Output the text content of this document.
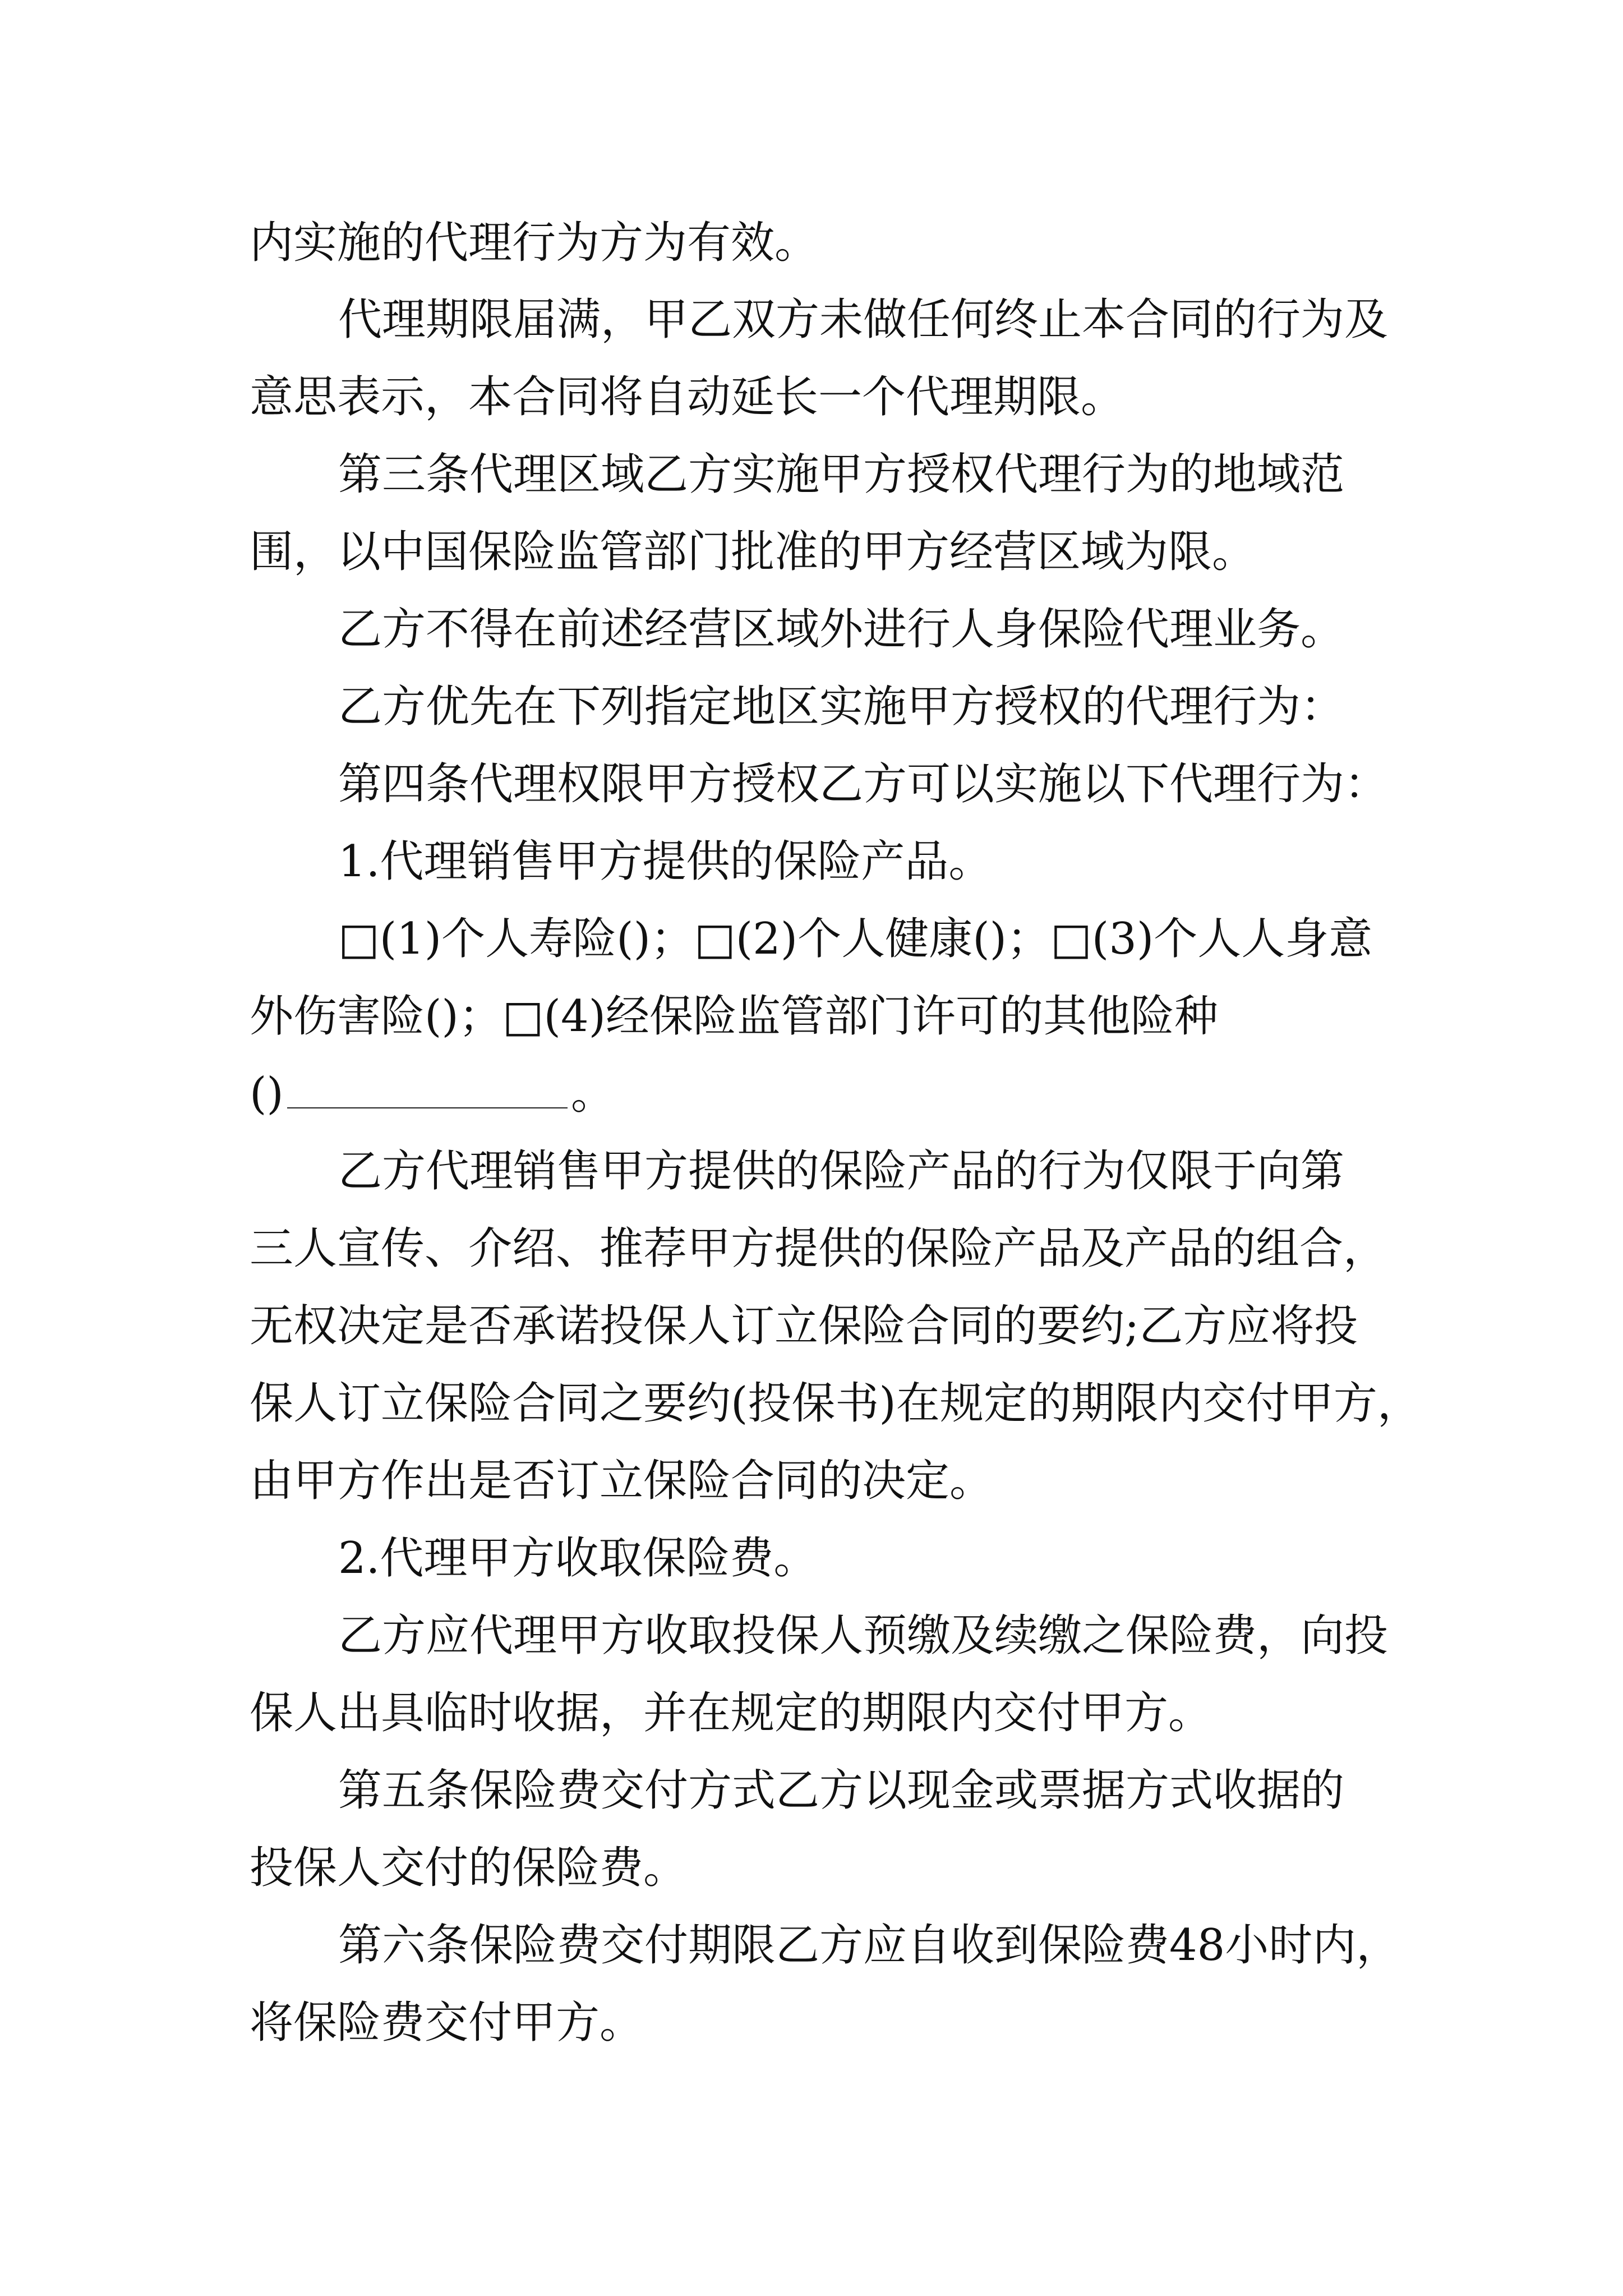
内实施的代理行为方为有效。
代理期限届满，甲乙双方未做任何终止本合同的行为及
意思表示，本合同将自动延长一个代理期限。
第三条代理区域乙方实施甲方授权代理行为的地域范
围，以中国保险监管部门批准的甲方经营区域为限。
乙方不得在前述经营区域外进行人身保险代理业务。
乙方优先在下列指定地区实施甲方授权的代理行为：
第四条代理权限甲方授权乙方可以实施以下代理行为：
1.代理销售甲方提供的保险产品。
□(1)个人寿险()；□(2)个人健康()；□(3)个人人身意
外伤害险()；□(4)经保险监管部门许可的其他险种
()	。
乙方代理销售甲方提供的保险产品的行为仅限于向第
三人宣传、介绍、推荐甲方提供的保险产品及产品的组合，
无权决定是否承诺投保人订立保险合同的要约;乙方应将投
保人订立保险合同之要约(投保书)在规定的期限内交付甲方，
由甲方作出是否订立保险合同的决定。
2.代理甲方收取保险费。
乙方应代理甲方收取投保人预缴及续缴之保险费，向投
保人出具临时收据，并在规定的期限内交付甲方。
第五条保险费交付方式乙方以现金或票据方式收据的
投保人交付的保险费。
第六条保险费交付期限乙方应自收到保险费48小时内，
将保险费交付甲方。
